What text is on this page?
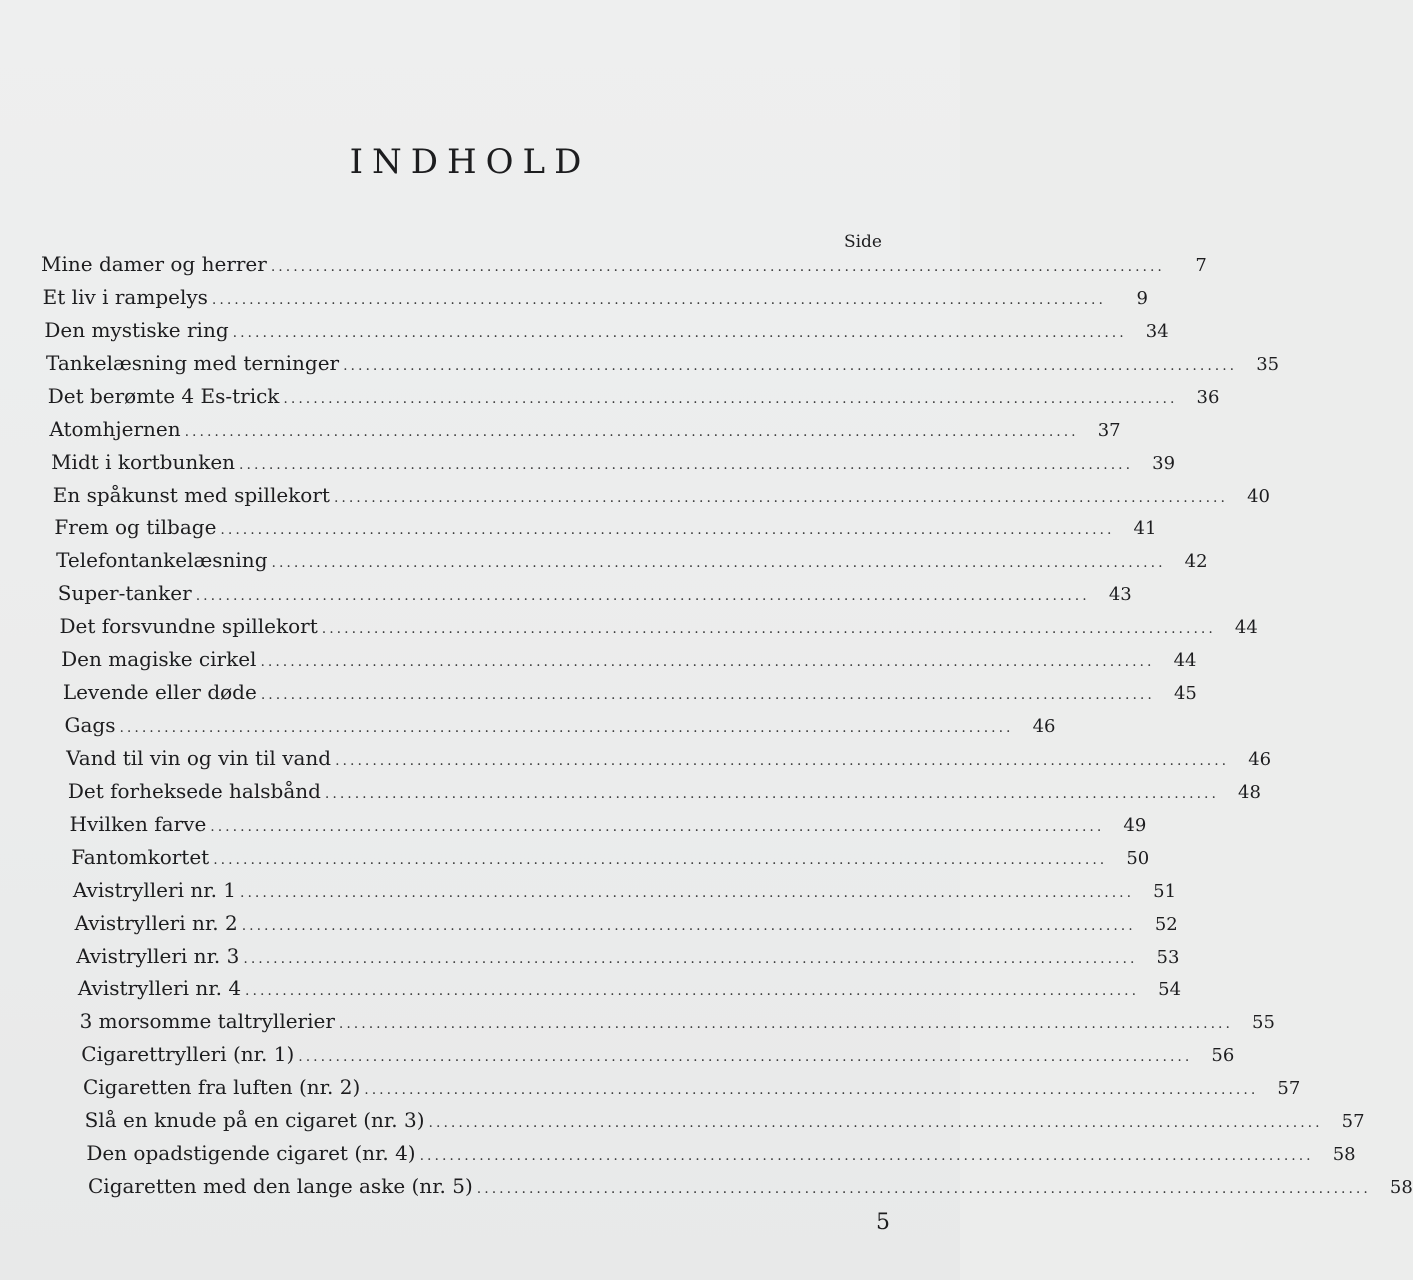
INDHOLD
Side
Mine damer og herrer ........................................................................................................................	7
Et liv i rampelys ........................................................................................................................	9
Den mystiske ring ........................................................................................................................	34
Tankelæsning med terninger ........................................................................................................................	35
Det berømte 4 Es-trick ........................................................................................................................	36
Atomhjernen ........................................................................................................................	37
Midt i kortbunken ........................................................................................................................	39
En spåkunst med spillekort ........................................................................................................................	40
Frem og tilbage ........................................................................................................................	41
Telefontankelæsning ........................................................................................................................	42
Super-tanker ........................................................................................................................	43
Det forsvundne spillekort ........................................................................................................................	44
Den magiske cirkel ........................................................................................................................	44
Levende eller døde ........................................................................................................................	45
Gags ........................................................................................................................	46
Vand til vin og vin til vand ........................................................................................................................	46
Det forheksede halsbånd ........................................................................................................................	48
Hvilken farve ........................................................................................................................	49
Fantomkortet ........................................................................................................................	50
Avistrylleri nr. 1 ........................................................................................................................	51
Avistrylleri nr. 2 ........................................................................................................................	52
Avistrylleri nr. 3 ........................................................................................................................	53
Avistrylleri nr. 4 ........................................................................................................................	54
3 morsomme taltryllerier ........................................................................................................................	55
Cigarettrylleri (nr. 1) ........................................................................................................................	56
Cigaretten fra luften (nr. 2) ........................................................................................................................	57
Slå en knude på en cigaret (nr. 3) ........................................................................................................................	57
Den opadstigende cigaret (nr. 4) ........................................................................................................................	58
Cigaretten med den lange aske (nr. 5) ........................................................................................................................	58
5
